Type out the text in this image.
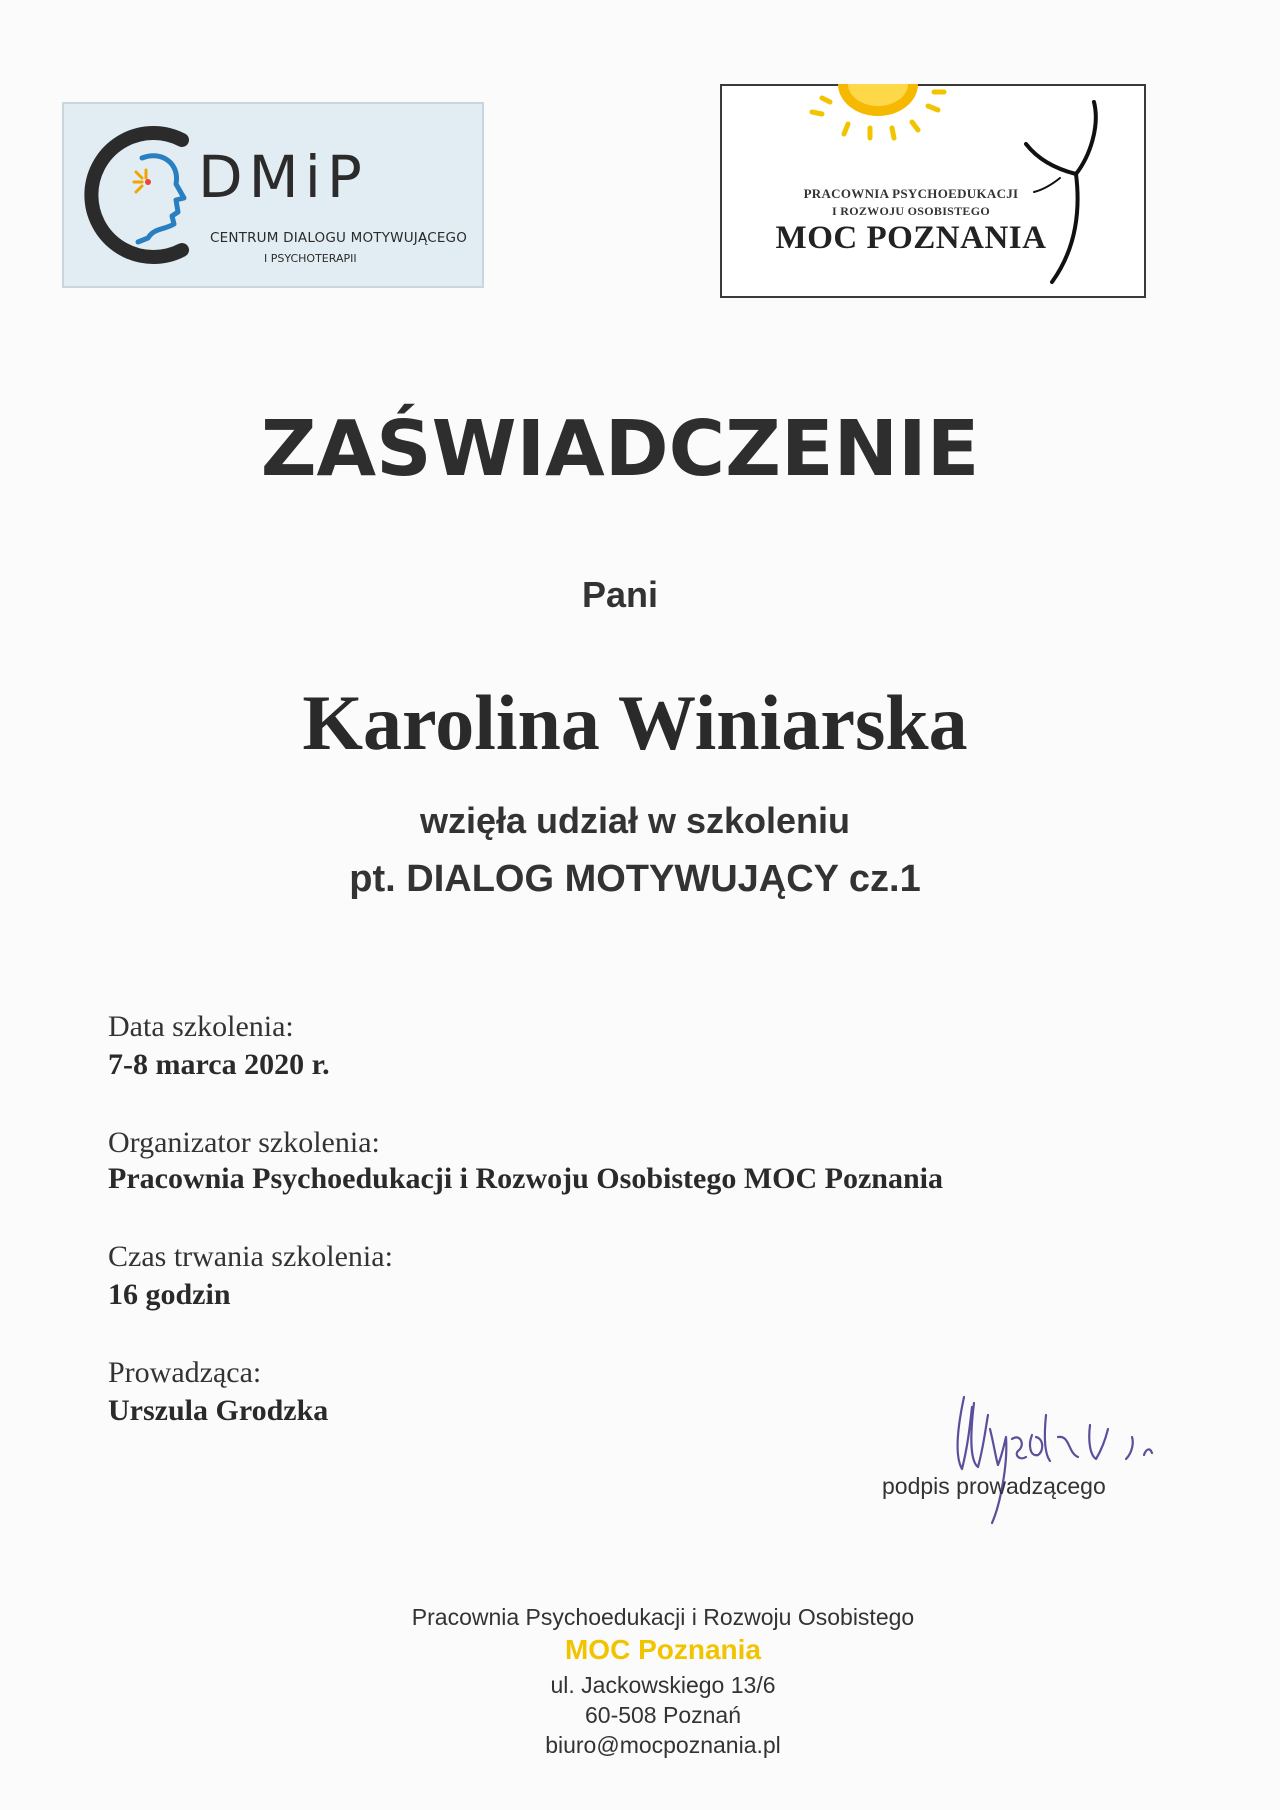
DMiP
CENTRUM DIALOGU MOTYWUJĄCEGO
I PSYCHOTERAPII
PRACOWNIA PSYCHOEDUKACJI
I ROZWOJU OSOBISTEGO
MOC POZNANIA
ZAŚWIADCZENIE
Pani
Karolina Winiarska
wzięła udział w szkoleniu
pt. DIALOG MOTYWUJĄCY cz.1
Data szkolenia:
7-8 marca 2020 r.
Organizator szkolenia:
Pracownia Psychoedukacji i Rozwoju Osobistego MOC Poznania
Czas trwania szkolenia:
16 godzin
Prowadząca:
Urszula Grodzka
podpis prowadzącego
Pracownia Psychoedukacji i Rozwoju Osobistego
MOC Poznania
ul. Jackowskiego 13/6
60-508 Poznań
biuro@mocpoznania.pl
